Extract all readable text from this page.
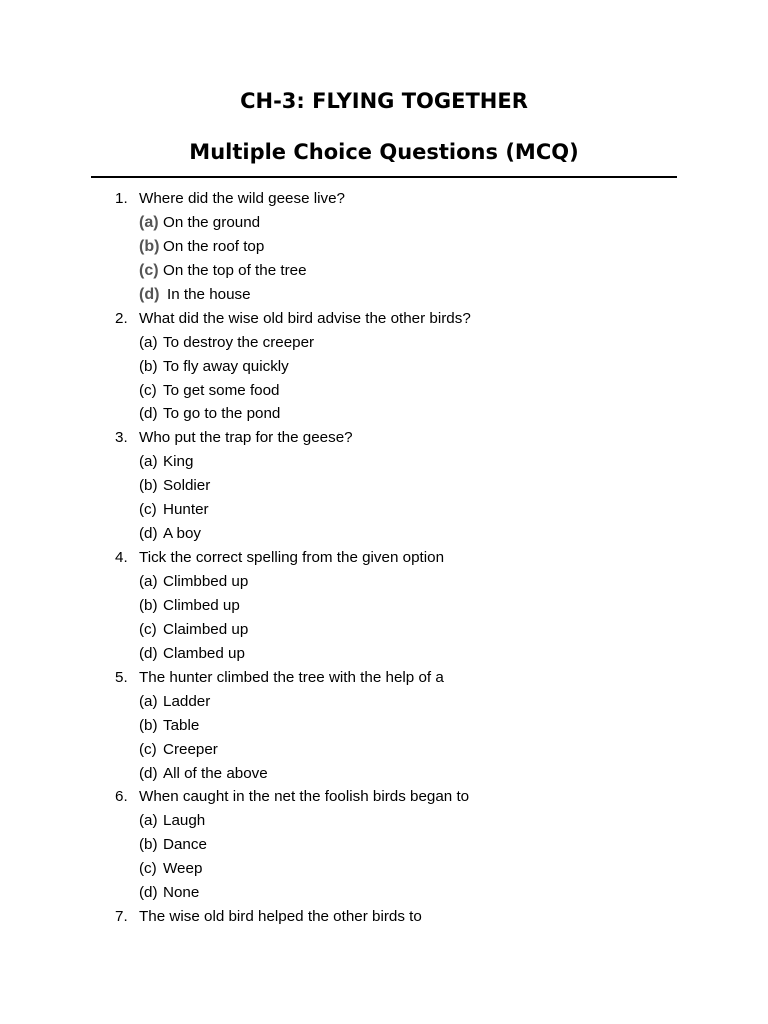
CH-3: FLYING TOGETHER
Multiple Choice Questions (MCQ)
1. Where did the wild geese live?
(a) On the ground
(b) On the roof top
(c) On the top of the tree
(d) In the house
2. What did the wise old bird advise the other birds?
(a) To destroy the creeper
(b) To fly away quickly
(c) To get some food
(d) To go to the pond
3. Who put the trap for the geese?
(a) King
(b) Soldier
(c) Hunter
(d) A boy
4. Tick the correct spelling from the given option
(a) Climbbed up
(b) Climbed up
(c) Claimbed up
(d) Clambed up
5. The hunter climbed the tree with the help of a
(a) Ladder
(b) Table
(c) Creeper
(d) All of the above
6. When caught in the net the foolish birds began to
(a) Laugh
(b) Dance
(c) Weep
(d) None
7. The wise old bird helped the other birds to
